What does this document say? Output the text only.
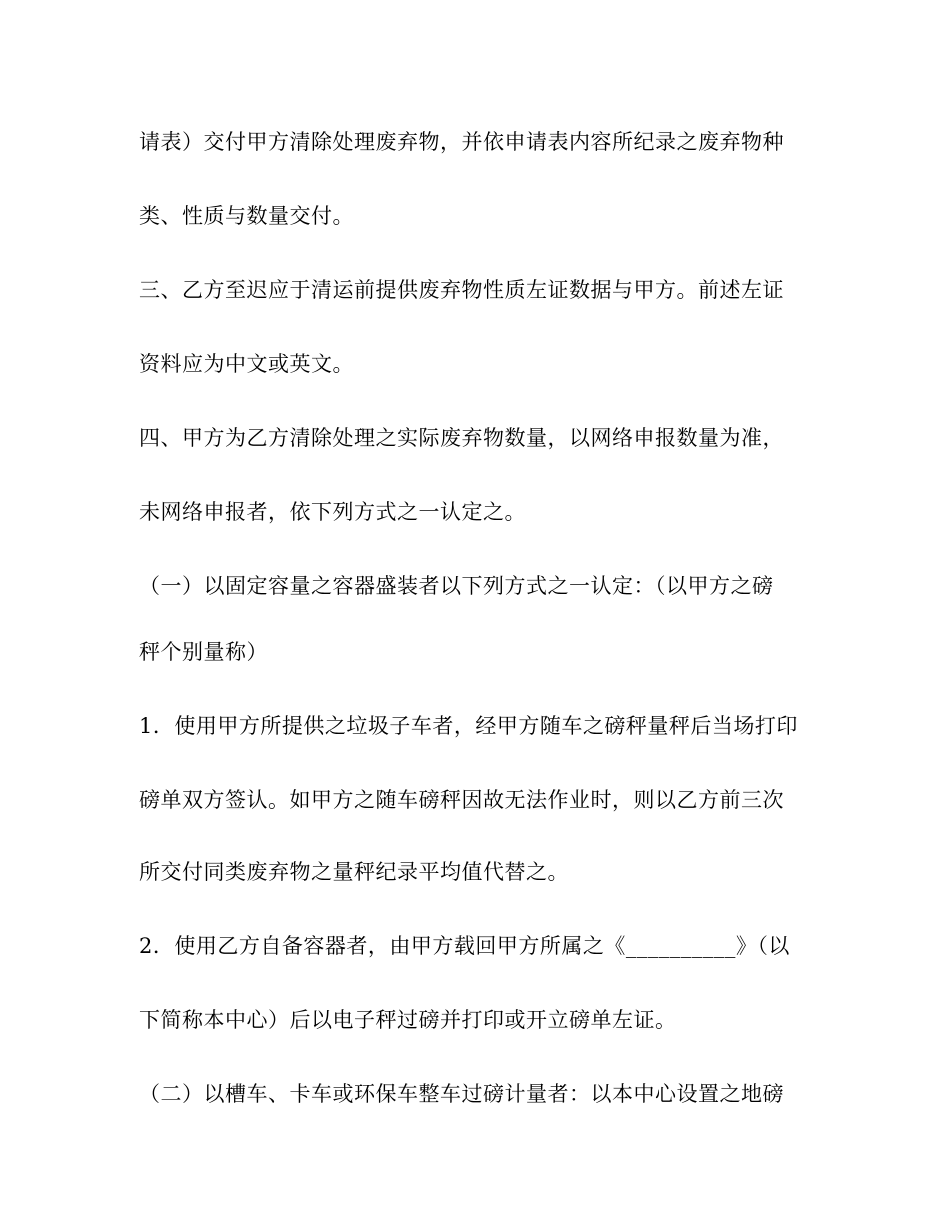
请表）交付甲方清除处理废弃物，并依申请表内容所纪录之废弃物种
类、性质与数量交付。
三、乙方至迟应于清运前提供废弃物性质左证数据与甲方。前述左证
资料应为中文或英文。
四、甲方为乙方清除处理之实际废弃物数量，以网络申报数量为准，
未网络申报者，依下列方式之一认定之。
（一）以固定容量之容器盛装者以下列方式之一认定：（以甲方之磅
秤个别量称）
1．使用甲方所提供之垃圾子车者，经甲方随车之磅秤量秤后当场打印
磅单双方签认。如甲方之随车磅秤因故无法作业时，则以乙方前三次
所交付同类废弃物之量秤纪录平均值代替之。
2．使用乙方自备容器者，由甲方载回甲方所属之《__________》（以
下简称本中心）后以电子秤过磅并打印或开立磅单左证。
（二）以槽车、卡车或环保车整车过磅计量者：以本中心设置之地磅
